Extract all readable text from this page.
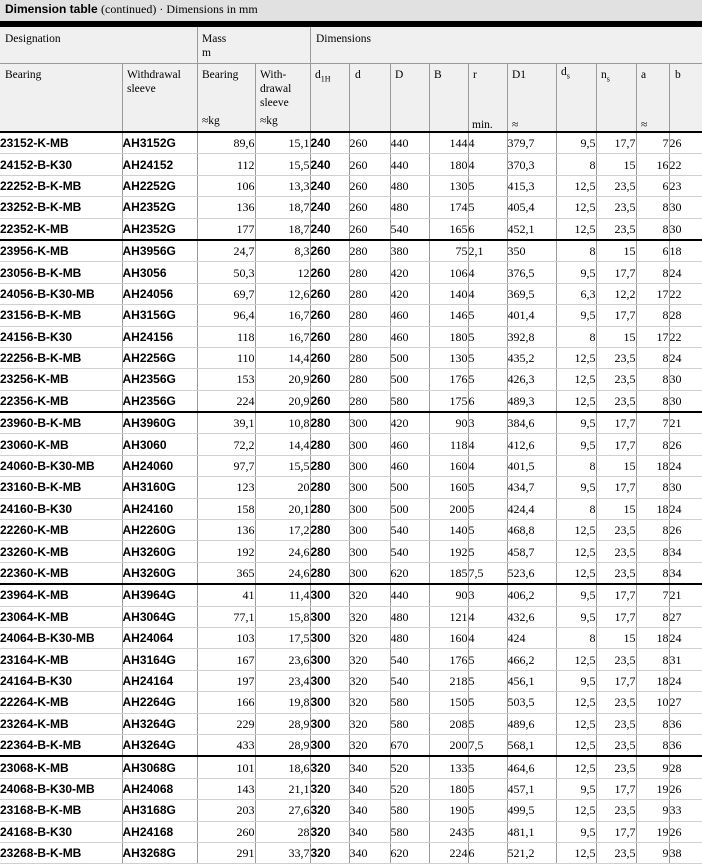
Dimension table (continued) · Dimensions in mm
Designation	Mass
m
Dimensions
Bearing	Withdrawal sleeve
Bearing With- drawal sleeve
≈kg	≈kg
$d_{1H}$ d	D	B	r
min.
D1
≈
$d_s$	$n_s$	a
≈
b
23152-K-MB	AH3152G	89,6	15,1	240	260	440	144	4	379,7	9,5	17,7	7	26
24152-B-K30	AH24152	112	15,5	240	260	440	180	4	370,3	8	15	16	22
22252-B-K-MB	AH2252G	106	13,3	240	260	480	130	5	415,3	12,5	23,5	6	23
23252-B-K-MB	AH2352G	136	18,7	240	260	480	174	5	405,4	12,5	23,5	8	30
22352-K-MB	AH2352G	177	18,7	240	260	540	165	6	452,1	12,5	23,5	8	30
23956-K-MB	AH3956G	24,7	8,3	260	280	380	75	2,1	350	8	15	6	18
23056-B-K-MB	AH3056	50,3	12	260	280	420	106	4	376,5	9,5	17,7	8	24
24056-B-K30-MB	AH24056	69,7	12,6	260	280	420	140	4	369,5	6,3	12,2	17	22
23156-B-K-MB	AH3156G	96,4	16,7	260	280	460	146	5	401,4	9,5	17,7	8	28
24156-B-K30	AH24156	118	16,7	260	280	460	180	5	392,8	8	15	17	22
22256-B-K-MB	AH2256G	110	14,4	260	280	500	130	5	435,2	12,5	23,5	8	24
23256-K-MB	AH2356G	153	20,9	260	280	500	176	5	426,3	12,5	23,5	8	30
22356-K-MB	AH2356G	224	20,9	260	280	580	175	6	489,3	12,5	23,5	8	30
23960-B-K-MB	AH3960G	39,1	10,8	280	300	420	90	3	384,6	9,5	17,7	7	21
23060-K-MB	AH3060	72,2	14,4	280	300	460	118	4	412,6	9,5	17,7	8	26
24060-B-K30-MB	AH24060	97,7	15,5	280	300	460	160	4	401,5	8	15	18	24
23160-B-K-MB	AH3160G	123	20	280	300	500	160	5	434,7	9,5	17,7	8	30
24160-B-K30	AH24160	158	20,1	280	300	500	200	5	424,4	8	15	18	24
22260-K-MB	AH2260G	136	17,2	280	300	540	140	5	468,8	12,5	23,5	8	26
23260-K-MB	AH3260G	192	24,6	280	300	540	192	5	458,7	12,5	23,5	8	34
22360-K-MB	AH3260G	365	24,6	280	300	620	185	7,5	523,6	12,5	23,5	8	34
23964-K-MB	AH3964G	41	11,4	300	320	440	90	3	406,2	9,5	17,7	7	21
23064-K-MB	AH3064G	77,1	15,8	300	320	480	121	4	432,6	9,5	17,7	8	27
24064-B-K30-MB	AH24064	103	17,5	300	320	480	160	4	424	8	15	18	24
23164-K-MB	AH3164G	167	23,6	300	320	540	176	5	466,2	12,5	23,5	8	31
24164-B-K30	AH24164	197	23,4	300	320	540	218	5	456,1	9,5	17,7	18	24
22264-K-MB	AH2264G	166	19,8	300	320	580	150	5	503,5	12,5	23,5	10	27
23264-K-MB	AH3264G	229	28,9	300	320	580	208	5	489,6	12,5	23,5	8	36
22364-B-K-MB	AH3264G	433	28,9	300	320	670	200	7,5	568,1	12,5	23,5	8	36
23068-K-MB	AH3068G	101	18,6	320	340	520	133	5	464,6	12,5	23,5	9	28
24068-B-K30-MB	AH24068	143	21,1	320	340	520	180	5	457,1	9,5	17,7	19	26
23168-B-K-MB	AH3168G	203	27,6	320	340	580	190	5	499,5	12,5	23,5	9	33
24168-B-K30	AH24168	260	28	320	340	580	243	5	481,1	9,5	17,7	19	26
23268-B-K-MB	AH3268G	291	33,7	320	340	620	224	6	521,2	12,5	23,5	9	38
